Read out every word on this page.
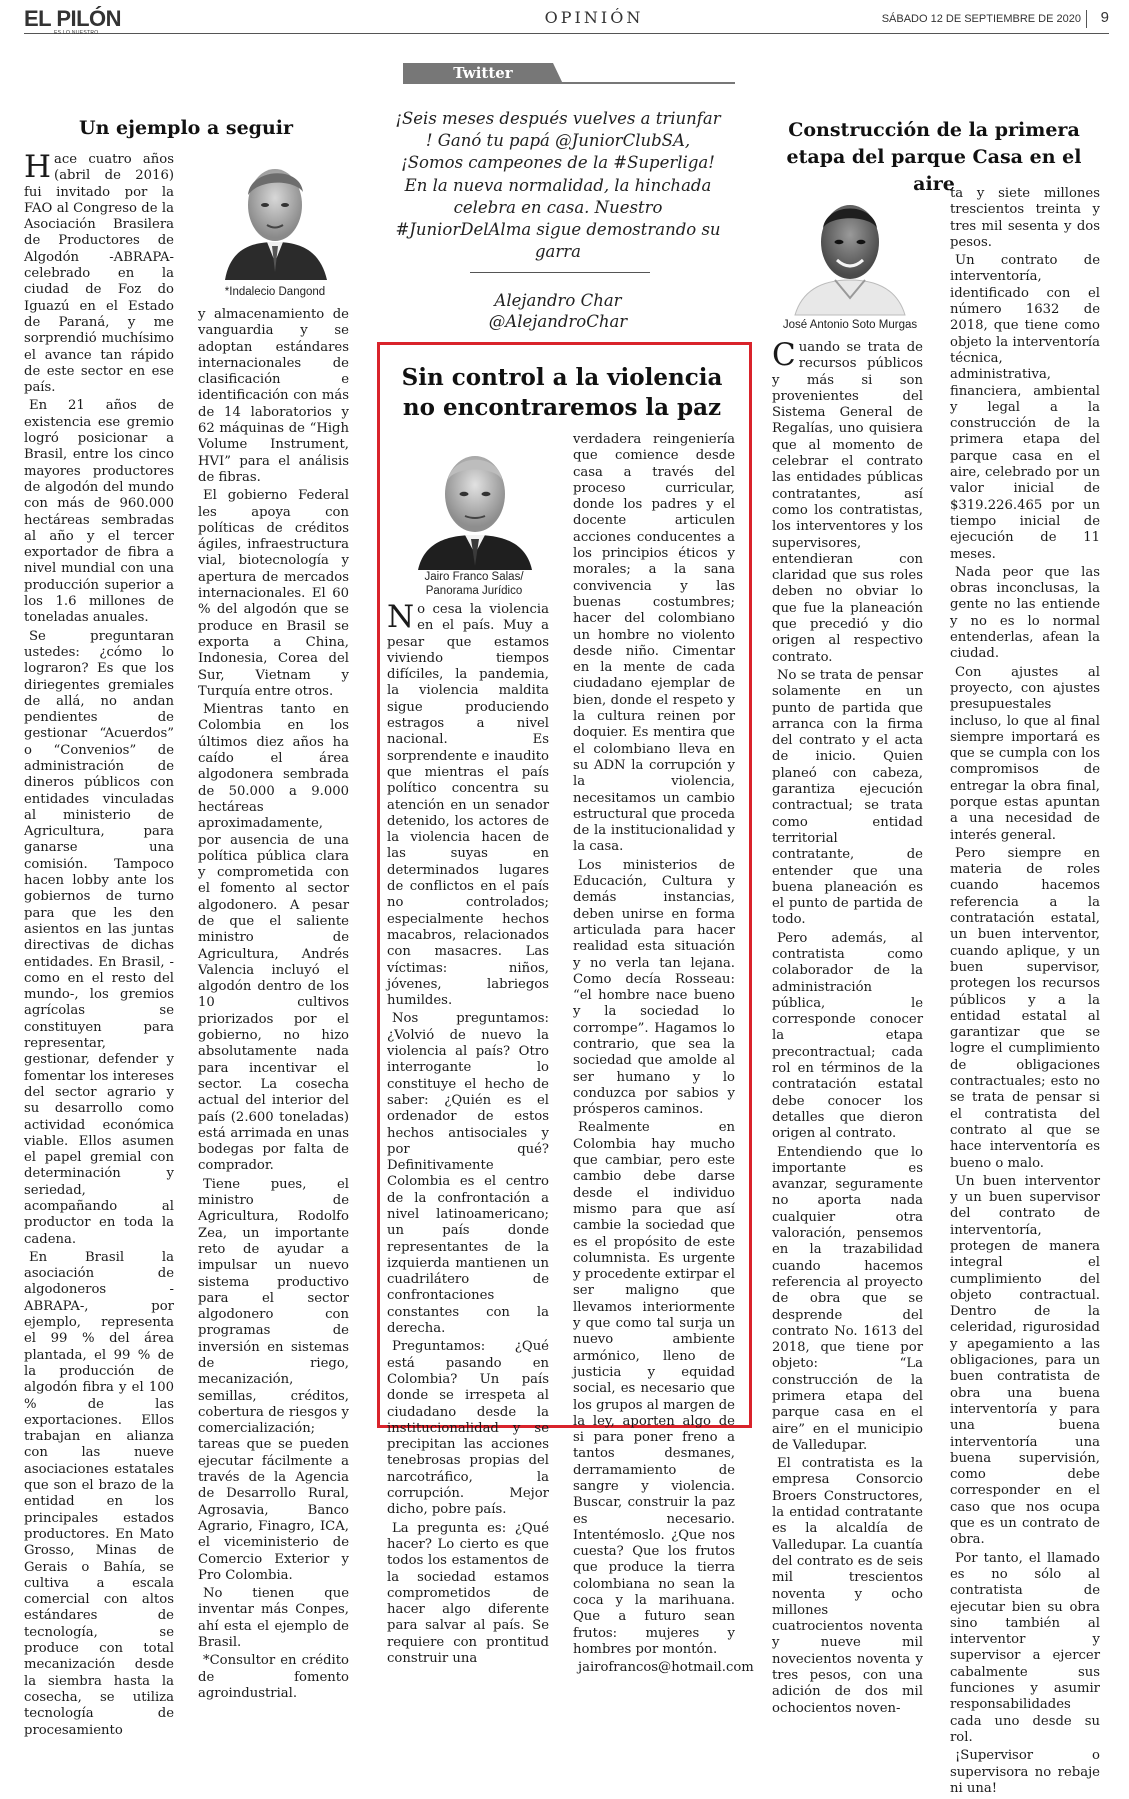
EL PILÓN
ES LO NUESTRO
OPINIÓN	SÁBADO 12 DE SEPTIEMBRE DE 2020 9
Un ejemplo a seguir
*Indalecio Dangond

Hace cuatro años (abril de 2016) fui invitado por la FAO al Congreso de la Asociación Brasilera de Productores de Algodón -ABRAPA- celebrado en la ciudad de Foz do Iguazú en el Estado de Paraná, y me sorprendió muchísimo el avance tan rápido de este sector en ese país.

En 21 años de existencia ese gremio logró posicionar a Brasil, entre los cinco mayores productores de algodón del mundo con más de 960.000 hectáreas sembradas al año y el tercer exportador de fibra a nivel mundial con una producción superior a los 1.6 millones de toneladas anuales.

Se preguntaran ustedes: ¿cómo lo lograron? Es que los diriegentes gremiales de allá, no andan pendientes de gestionar “Acuerdos” o “Convenios” de administración de dineros públicos con entidades vinculadas al ministerio de Agricultura, para ganarse una comisión. Tampoco hacen lobby ante los gobiernos de turno para que les den asientos en las juntas directivas de dichas entidades. En Brasil, -como en el resto del mundo-, los gremios agrícolas se constituyen para representar, gestionar, defender y fomentar los intereses del sector agrario y su desarrollo como actividad económica viable. Ellos asumen el papel gremial con determinación y seriedad, acompañando al productor en toda la cadena.

En Brasil la asociación de algodoneros -ABRAPA-, por ejemplo, representa el 99 % del área plantada, el 99 % de la producción de algodón fibra y el 100 % de las exportaciones. Ellos trabajan en alianza con las nueve asociaciones estatales que son el brazo de la entidad en los principales estados productores. En Mato Grosso, Minas de Gerais o Bahía, se cultiva a escala comercial con altos estándares de tecnología, se produce con total mecanización desde la siembra hasta la cosecha, se utiliza tecnología de procesamiento

y almacenamiento de vanguardia y se adoptan estándares internacionales de clasificación e identificación con más de 14 laboratorios y 62 máquinas de “High Volume Instrument, HVI” para el análisis de fibras.

El gobierno Federal les apoya con políticas de créditos ágiles, infraestructura vial, biotecnología y apertura de mercados internacionales. El 60 % del algodón que se produce en Brasil se exporta a China, Indonesia, Corea del Sur, Vietnam y Turquía entre otros.

Mientras tanto en Colombia en los últimos diez años ha caído el área algodonera sembrada de 50.000 a 9.000 hectáreas aproximadamente, por ausencia de una política pública clara y comprometida con el fomento al sector algodonero. A pesar de que el saliente ministro de Agricultura, Andrés Valencia incluyó el algodón dentro de los 10 cultivos priorizados por el gobierno, no hizo absolutamente nada para incentivar el sector. La cosecha actual del interior del país (2.600 toneladas) está arrimada en unas bodegas por falta de comprador.

Tiene pues, el ministro de Agricultura, Rodolfo Zea, un importante reto de ayudar a impulsar un nuevo sistema productivo para el sector algodonero con programas de inversión en sistemas de riego, mecanización, semillas, créditos, cobertura de riesgos y comercialización; tareas que se pueden ejecutar fácilmente a través de la Agencia de Desarrollo Rural, Agrosavia, Banco Agrario, Finagro, ICA, el viceministerio de Comercio Exterior y Pro Colombia.

No tienen que inventar más Conpes, ahí esta el ejemplo de Brasil.

*Consultor en crédito de fomento agroindustrial.

Twitter
¡Seis meses después vuelves a triunfar ! Ganó tu papá @JuniorClubSA, ¡Somos campeones de la #Superliga! En la nueva normalidad, la hinchada celebra en casa. Nuestro #JuniorDelAlma sigue demostrando su garra
Alejandro Char
@AlejandroChar
Sin control a la violencia no encontraremos la paz
Jairo Franco Salas/
Panorama Jurídico

No cesa la violencia en el país. Muy a pesar que estamos viviendo tiempos difíciles, la pandemia, la violencia maldita sigue produciendo estragos a nivel nacional. Es sorprendente e inaudito que mientras el país político concentra su atención en un senador detenido, los actores de la violencia hacen de las suyas en determinados lugares de conflictos en el país no controlados; especialmente hechos macabros, relacionados con masacres. Las víctimas: niños, jóvenes, labriegos humildes.

Nos preguntamos: ¿Volvió de nuevo la violencia al país? Otro interrogante lo constituye el hecho de saber: ¿Quién es el ordenador de estos hechos antisociales y por qué? Definitivamente Colombia es el centro de la confrontación a nivel latinoamericano; un país donde representantes de la izquierda mantienen un cuadrilátero de confrontaciones constantes con la derecha.

Preguntamos: ¿Qué está pasando en Colombia? Un país donde se irrespeta al ciudadano desde la institucionalidad y se precipitan las acciones tenebrosas propias del narcotráfico, la corrupción. Mejor dicho, pobre país.

La pregunta es: ¿Qué hacer? Lo cierto es que todos los estamentos de la sociedad estamos comprometidos de hacer algo diferente para salvar al país. Se requiere con prontitud construir una

verdadera reingeniería que comience desde casa a través del proceso curricular, donde los padres y el docente articulen acciones conducentes a los principios éticos y morales; a la sana convivencia y las buenas costumbres; hacer del colombiano un hombre no violento desde niño. Cimentar en la mente de cada ciudadano ejemplar de bien, donde el respeto y la cultura reinen por doquier. Es mentira que el colombiano lleva en su ADN la corrupción y la violencia, necesitamos un cambio estructural que proceda de la institucionalidad y la casa.

Los ministerios de Educación, Cultura y demás instancias, deben unirse en forma articulada para hacer realidad esta situación y no verla tan lejana. Como decía Rosseau: “el hombre nace bueno y la sociedad lo corrompe”. Hagamos lo contrario, que sea la sociedad que amolde al ser humano y lo conduzca por sabios y prósperos caminos.

Realmente en Colombia hay mucho que cambiar, pero este cambio debe darse desde el individuo mismo para que así cambie la sociedad que es el propósito de este columnista. Es urgente y procedente extirpar el ser maligno que llevamos interiormente y que como tal surja un nuevo ambiente armónico, lleno de justicia y equidad social, es necesario que los grupos al margen de la ley, aporten algo de si para poner freno a tantos desmanes, derramamiento de sangre y violencia. Buscar, construir la paz es necesario. Intentémoslo. ¿Que nos cuesta? Que los frutos que produce la tierra colombiana no sean la coca y la marihuana. Que a futuro sean frutos: mujeres y hombres por montón.

jairofrancos@hotmail.com

Construcción de la primera etapa del parque Casa en el aire
José Antonio Soto Murgas

Cuando se trata de recursos públicos y más si son provenientes del Sistema General de Regalías, uno quisiera que al momento de celebrar el contrato las entidades públicas contratantes, así como los contratistas, los interventores y los supervisores, entendieran con claridad que sus roles deben no obviar lo que fue la planeación que precedió y dio origen al respectivo contrato.

No se trata de pensar solamente en un punto de partida que arranca con la firma del contrato y el acta de inicio. Quien planeó con cabeza, garantiza ejecución contractual; se trata como entidad territorial contratante, de entender que una buena planeación es el punto de partida de todo.

Pero además, al contratista como colaborador de la administración pública, le corresponde conocer la etapa precontractual; cada rol en términos de la contratación estatal debe conocer los detalles que dieron origen al contrato.

Entendiendo que lo importante es avanzar, seguramente no aporta nada cualquier otra valoración, pensemos en la trazabilidad cuando hacemos referencia al proyecto de obra que se desprende del contrato No. 1613 del 2018, que tiene por objeto: “La construcción de la primera etapa del parque casa en el aire” en el municipio de Valledupar.

El contratista es la empresa Consorcio Broers Constructores, la entidad contratante es la alcaldía de Valledupar. La cuantía del contrato es de seis mil trescientos noventa y ocho millones cuatrocientos noventa y nueve mil novecientos noventa y tres pesos, con una adición de dos mil ochocientos noven-

ta y siete millones trescientos treinta y tres mil sesenta y dos pesos.

Un contrato de interventoría, identificado con el número 1632 de 2018, que tiene como objeto la interventoría técnica, administrativa, financiera, ambiental y legal a la construcción de la primera etapa del parque casa en el aire, celebrado por un valor inicial de $319.226.465 por un tiempo inicial de ejecución de 11 meses.

Nada peor que las obras inconclusas, la gente no las entiende y no es lo normal entenderlas, afean la ciudad.

Con ajustes al proyecto, con ajustes presupuestales incluso, lo que al final siempre importará es que se cumpla con los compromisos de entregar la obra final, porque estas apuntan a una necesidad de interés general.

Pero siempre en materia de roles cuando hacemos referencia a la contratación estatal, un buen interventor, cuando aplique, y un buen supervisor, protegen los recursos públicos y a la entidad estatal al garantizar que se logre el cumplimiento de obligaciones contractuales; esto no se trata de pensar si el contratista del contrato al que se hace interventoría es bueno o malo.

Un buen interventor y un buen supervisor del contrato de interventoría, protegen de manera integral el cumplimiento del objeto contractual. Dentro de la celeridad, rigurosidad y apegamiento a las obligaciones, para un buen contratista de obra una buena interventoría y para una buena interventoría una buena supervisión, como debe corresponder en el caso que nos ocupa que es un contrato de obra.

Por tanto, el llamado es no sólo al contratista de ejecutar bien su obra sino también al interventor y supervisor a ejercer cabalmente sus funciones y asumir responsabilidades cada uno desde su rol.

¡Supervisor o supervisora no rebaje ni una!
